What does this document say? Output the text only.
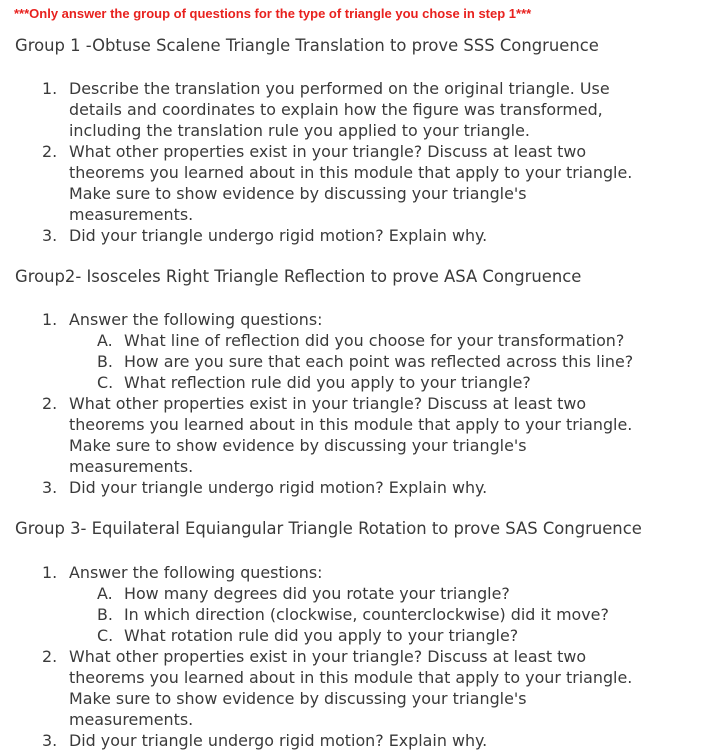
***Only answer the group of questions for the type of triangle you chose in step 1***
Group 1 -Obtuse Scalene Triangle Translation to prove SSS Congruence
1. Describe the translation you performed on the original triangle. Use
details and coordinates to explain how the figure was transformed,
including the translation rule you applied to your triangle.
2. What other properties exist in your triangle? Discuss at least two
theorems you learned about in this module that apply to your triangle.
Make sure to show evidence by discussing your triangle's
measurements.
3. Did your triangle undergo rigid motion? Explain why.
Group2- Isosceles Right Triangle Reflection to prove ASA Congruence
1. Answer the following questions:
A. What line of reflection did you choose for your transformation?
B. How are you sure that each point was reflected across this line?
C. What reflection rule did you apply to your triangle?
2. What other properties exist in your triangle? Discuss at least two
theorems you learned about in this module that apply to your triangle.
Make sure to show evidence by discussing your triangle's
measurements.
3. Did your triangle undergo rigid motion? Explain why.
Group 3- Equilateral Equiangular Triangle Rotation to prove SAS Congruence
1. Answer the following questions:
A. How many degrees did you rotate your triangle?
B. In which direction (clockwise, counterclockwise) did it move?
C. What rotation rule did you apply to your triangle?
2. What other properties exist in your triangle? Discuss at least two
theorems you learned about in this module that apply to your triangle.
Make sure to show evidence by discussing your triangle's
measurements.
3. Did your triangle undergo rigid motion? Explain why.
